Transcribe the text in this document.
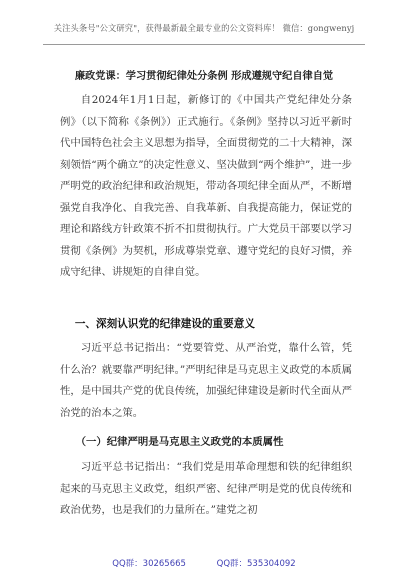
关注头条号"公文研究"，获得最新最全最专业的公文资料库！ 微信：gongwenyj
廉政党课：学习贯彻纪律处分条例 形成遵规守纪自律自觉

自2024年1月1日起，新修订的《中国共产党纪律处分条例》（以下简称《条例》）正式施行。《条例》坚持以习近平新时代中国特色社会主义思想为指导，全面贯彻党的二十大精神，深刻领悟“两个确立”的决定性意义、坚决做到“两个维护”，进一步严明党的政治纪律和政治规矩，带动各项纪律全面从严，不断增强党自我净化、自我完善、自我革新、自我提高能力，保证党的理论和路线方针政策不折不扣贯彻执行。广大党员干部要以学习贯彻《条例》为契机，形成尊崇党章、遵守党纪的良好习惯，养成守纪律、讲规矩的自律自觉。

一、深刻认识党的纪律建设的重要意义

习近平总书记指出：“党要管党、从严治党，靠什么管，凭什么治？就要靠严明纪律。”严明纪律是马克思主义政党的本质属性，是中国共产党的优良传统，加强纪律建设是新时代全面从严治党的治本之策。

（一）纪律严明是马克思主义政党的本质属性

习近平总书记指出：“我们党是用革命理想和铁的纪律组织起来的马克思主义政党，组织严密、纪律严明是党的优良传统和政治优势，也是我们的力量所在。”建党之初

QQ群：30265665	QQ群：535304092
